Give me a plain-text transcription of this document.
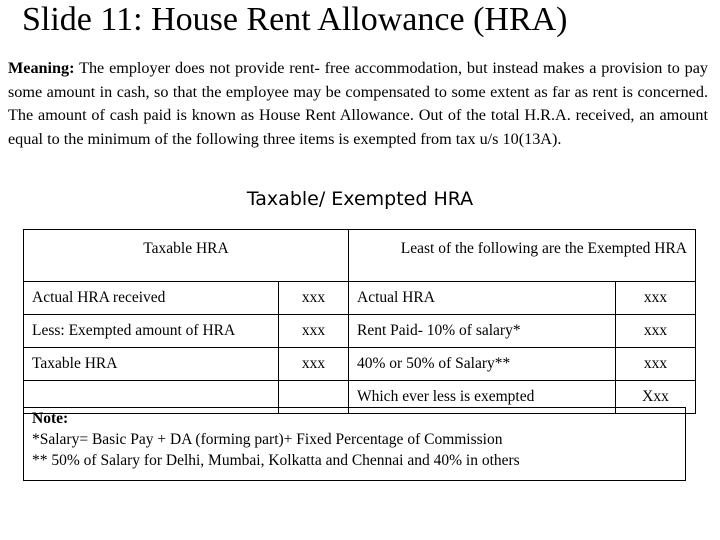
Slide 11: House Rent Allowance (HRA)
Meaning: The employer does not provide rent- free accommodation, but instead makes a provision to pay some amount in cash, so that the employee may be compensated to some extent as far as rent is concerned. The amount of cash paid is known as House Rent Allowance. Out of the total H.R.A. received, an amount equal to the minimum of the following three items is exempted from tax u/s 10(13A).
Taxable/ Exempted HRA
Taxable HRA		Least of the following are the Exempted HRA	
Actual HRA received	xxx	Actual HRA	xxx
Less: Exempted amount of HRA	xxx	Rent Paid- 10% of salary*	xxx
Taxable HRA	xxx	40% or 50% of Salary**	xxx
		Which ever less is exempted	Xxx
Note:
*Salary= Basic Pay + DA (forming part)+ Fixed Percentage of Commission
** 50% of Salary for Delhi, Mumbai, Kolkatta and Chennai and 40% in others
